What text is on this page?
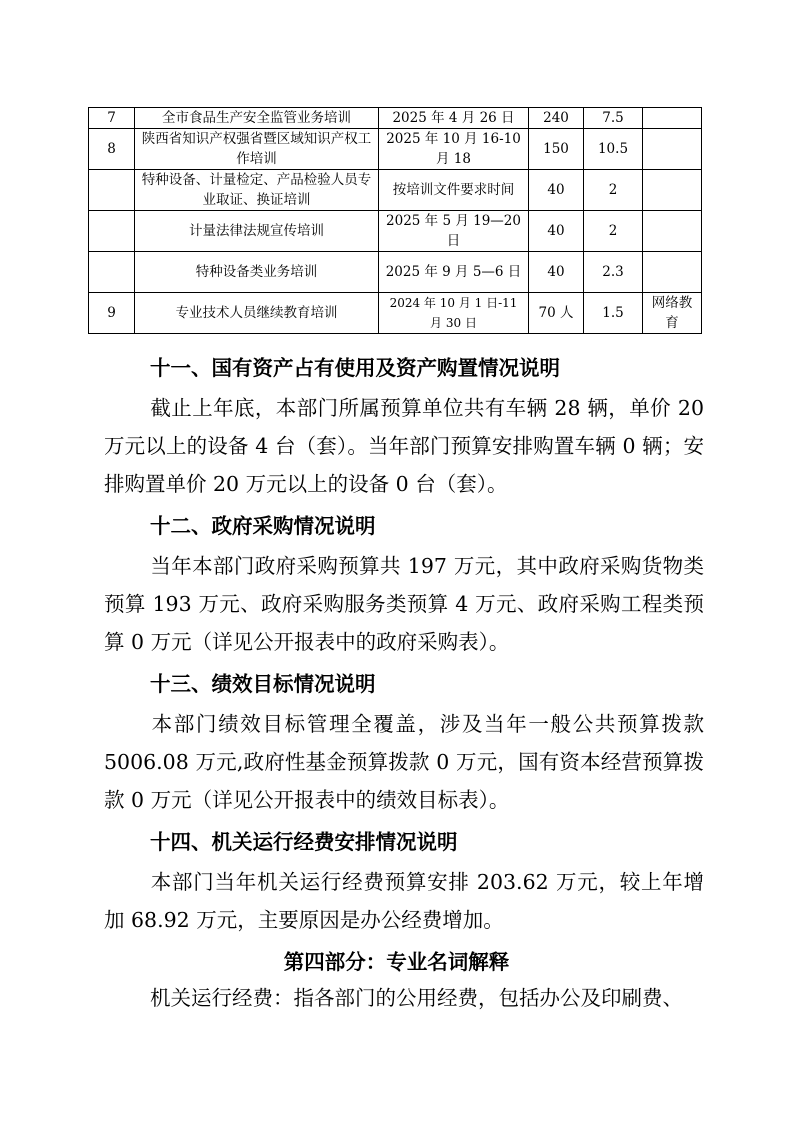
7	全市食品生产安全监管业务培训	2025 年 4 月 26 日	240	7.5	
8	陕西省知识产权强省暨区域知识产权工作培训	2025 年 10 月 16-10 月 18	150	10.5	
	特种设备、计量检定、产品检验人员专业取证、换证培训	按培训文件要求时间	40	2	
	计量法律法规宣传培训	2025 年 5 月 19—20 日	40	2	
	特种设备类业务培训	2025 年 9 月 5—6 日	40	2.3	
9	专业技术人员继续教育培训	2024 年 10 月 1 日-11 月 30 日	70 人	1.5	网络教育
十一、国有资产占有使用及资产购置情况说明
截止上年底，本部门所属预算单位共有车辆 28 辆，单价 20 万元以上的设备 4 台（套）。当年部门预算安排购置车辆 0 辆；安排购置单价 20 万元以上的设备 0 台（套）。
十二、政府采购情况说明
当年本部门政府采购预算共 197 万元，其中政府采购货物类预算 193 万元、政府采购服务类预算 4 万元、政府采购工程类预算 0 万元（详见公开报表中的政府采购表）。
十三、绩效目标情况说明
本部门绩效目标管理全覆盖，涉及当年一般公共预算拨款 5006.08 万元,政府性基金预算拨款 0 万元，国有资本经营预算拨款 0 万元（详见公开报表中的绩效目标表）。
十四、机关运行经费安排情况说明
本部门当年机关运行经费预算安排 203.62 万元，较上年增加 68.92 万元，主要原因是办公经费增加。
第四部分：专业名词解释
机关运行经费：指各部门的公用经费，包括办公及印刷费、
